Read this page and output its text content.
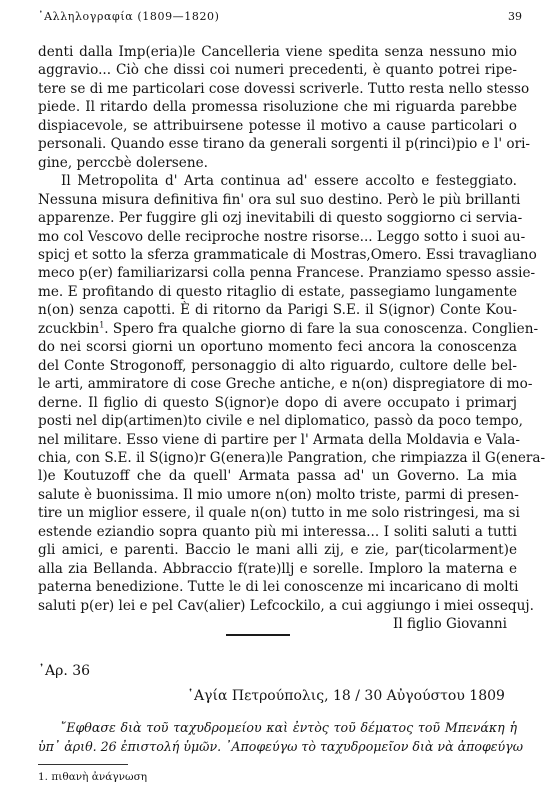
᾿Αλληλογραφία (1809—1820)	39
denti dalla Imp(eria)le Cancelleria viene spedita senza nessuno mio
aggravio... Ciò che dissi coi numeri precedenti, è quanto potrei ripe-
tere se di me particolari cose dovessi scriverle. Tutto resta nello stesso
piede. Il ritardo della promessa risoluzione che mi riguarda parebbe
dispiacevole, se attribuirsene potesse il motivo a cause particolari o
personali. Quando esse tirano da generali sorgenti il p(rinci)pio e l' ori-
gine, perccbè dolersene.
Il Metropolita d' Arta continua ad' essere accolto e festeggiato.
Nessuna misura definitiva fin' ora sul suo destino. Però le più brillanti
apparenze. Per fuggire gli ozj inevitabili di questo soggiorno ci servia-
mo col Vescovo delle reciproche nostre risorse... Leggo sotto i suoi au-
spicj et sotto la sferza grammaticale di Mostras,Omero. Essi travagliano
meco p(er) familiarizarsi colla penna Francese. Pranziamo spesso assie-
me. E profitando di questo ritaglio di estate, passegiamo lungamente
n(on) senza capotti. È di ritorno da Parigi S.E. il S(ignor) Conte Kou-
zcuckbin$^1$. Spero fra qualche giorno di fare la sua conoscenza. Conglien-
do nei scorsi giorni un oportuno momento feci ancora la conoscenza
del Conte Strogonoff, personaggio di alto riguardo, cultore delle bel-
le arti, ammiratore di cose Greche antiche, e n(on) dispregiatore di mo-
derne. Il figlio di questo S(ignor)e dopo di avere occupato i primarj
posti nel dip(artimen)to civile e nel diplomatico, passò da poco tempo,
nel militare. Esso viene di partire per l' Armata della Moldavia e Vala-
chia, con S.E. il S(igno)r G(enera)le Pangration, che rimpiazza il G(enera-
l)e Koutuzoff che da quell' Armata passa ad' un Governo. La mia
salute è buonissima. Il mio umore n(on) molto triste, parmi di presen-
tire un miglior essere, il quale n(on) tutto in me solo ristringesi, ma si
estende eziandio sopra quanto più mi interessa... I soliti saluti a tutti
gli amici, e parenti. Baccio le mani alli zij, e zie, par(ticolarment)e
alla zia Bellanda. Abbraccio f(rate)llj e sorelle. Imploro la materna e
paterna benedizione. Tutte le di lei conoscenze mi incaricano di molti
saluti p(er) lei e pel Cav(alier) Lefcockilo, a cui aggiungo i miei ossequj.
Il figlio Giovanni
᾿Αρ. 36
῾Αγία Πετρούπολις, 18 / 30 Αὐγούστου 1809
῎Εφθασε διὰ τοῦ ταχυδρομείου καὶ ἐντὸς τοῦ δέματος τοῦ Μπενάκη ἡ
ὑπ᾿ ἀριθ. 26 ἐπιστολή ὑμῶν. ᾿Αποφεύγω τὸ ταχυδρομεῖον διὰ νὰ ἀποφεύγω
1. πιθανὴ ἀνάγνωση
